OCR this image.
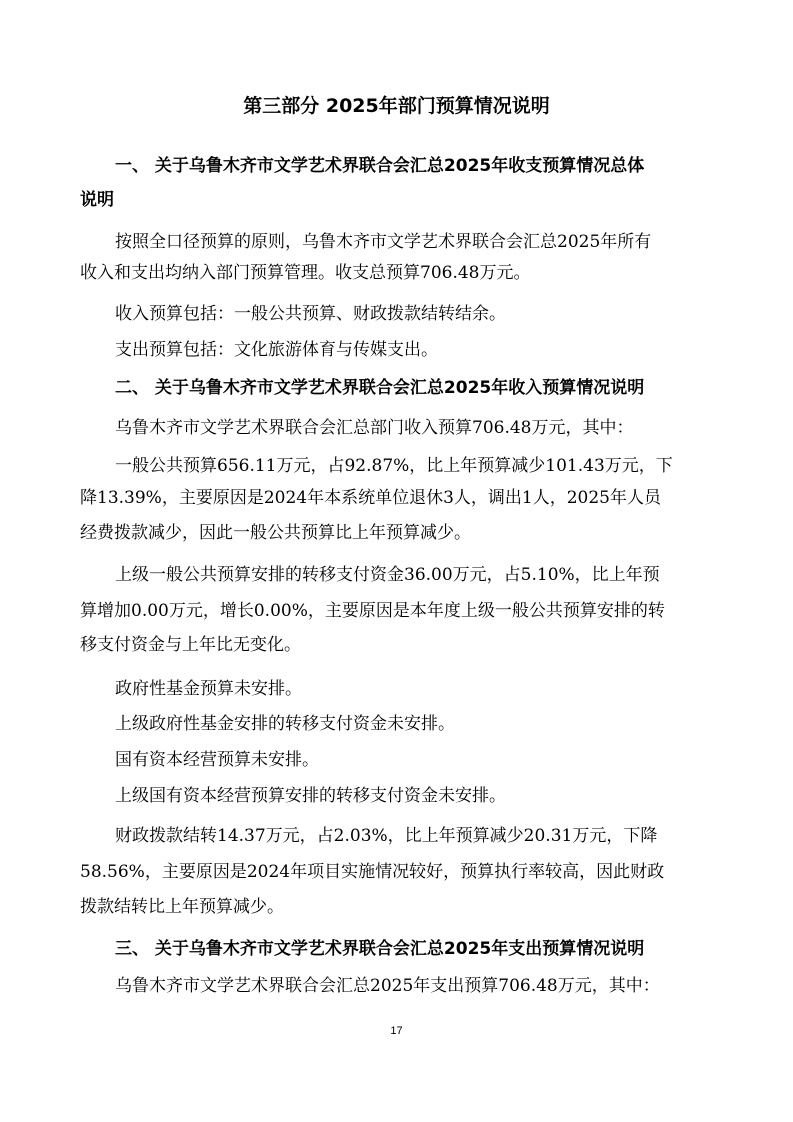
第三部分 2025年部门预算情况说明
一、 关于乌鲁木齐市文学艺术界联合会汇总2025年收支预算情况总体
说明
按照全口径预算的原则，乌鲁木齐市文学艺术界联合会汇总2025年所有
收入和支出均纳入部门预算管理。收支总预算706.48万元。
收入预算包括：一般公共预算、财政拨款结转结余。
支出预算包括：文化旅游体育与传媒支出。
二、 关于乌鲁木齐市文学艺术界联合会汇总2025年收入预算情况说明
乌鲁木齐市文学艺术界联合会汇总部门收入预算706.48万元，其中：
一般公共预算656.11万元，占92.87%，比上年预算减少101.43万元，下
降13.39%，主要原因是2024年本系统单位退休3人，调出1人，2025年人员
经费拨款减少，因此一般公共预算比上年预算减少。
上级一般公共预算安排的转移支付资金36.00万元，占5.10%，比上年预
算增加0.00万元，增长0.00%，主要原因是本年度上级一般公共预算安排的转
移支付资金与上年比无变化。
政府性基金预算未安排。
上级政府性基金安排的转移支付资金未安排。
国有资本经营预算未安排。
上级国有资本经营预算安排的转移支付资金未安排。
财政拨款结转14.37万元，占2.03%，比上年预算减少20.31万元，下降
58.56%，主要原因是2024年项目实施情况较好，预算执行率较高，因此财政
拨款结转比上年预算减少。
三、 关于乌鲁木齐市文学艺术界联合会汇总2025年支出预算情况说明
乌鲁木齐市文学艺术界联合会汇总2025年支出预算706.48万元，其中：
17
